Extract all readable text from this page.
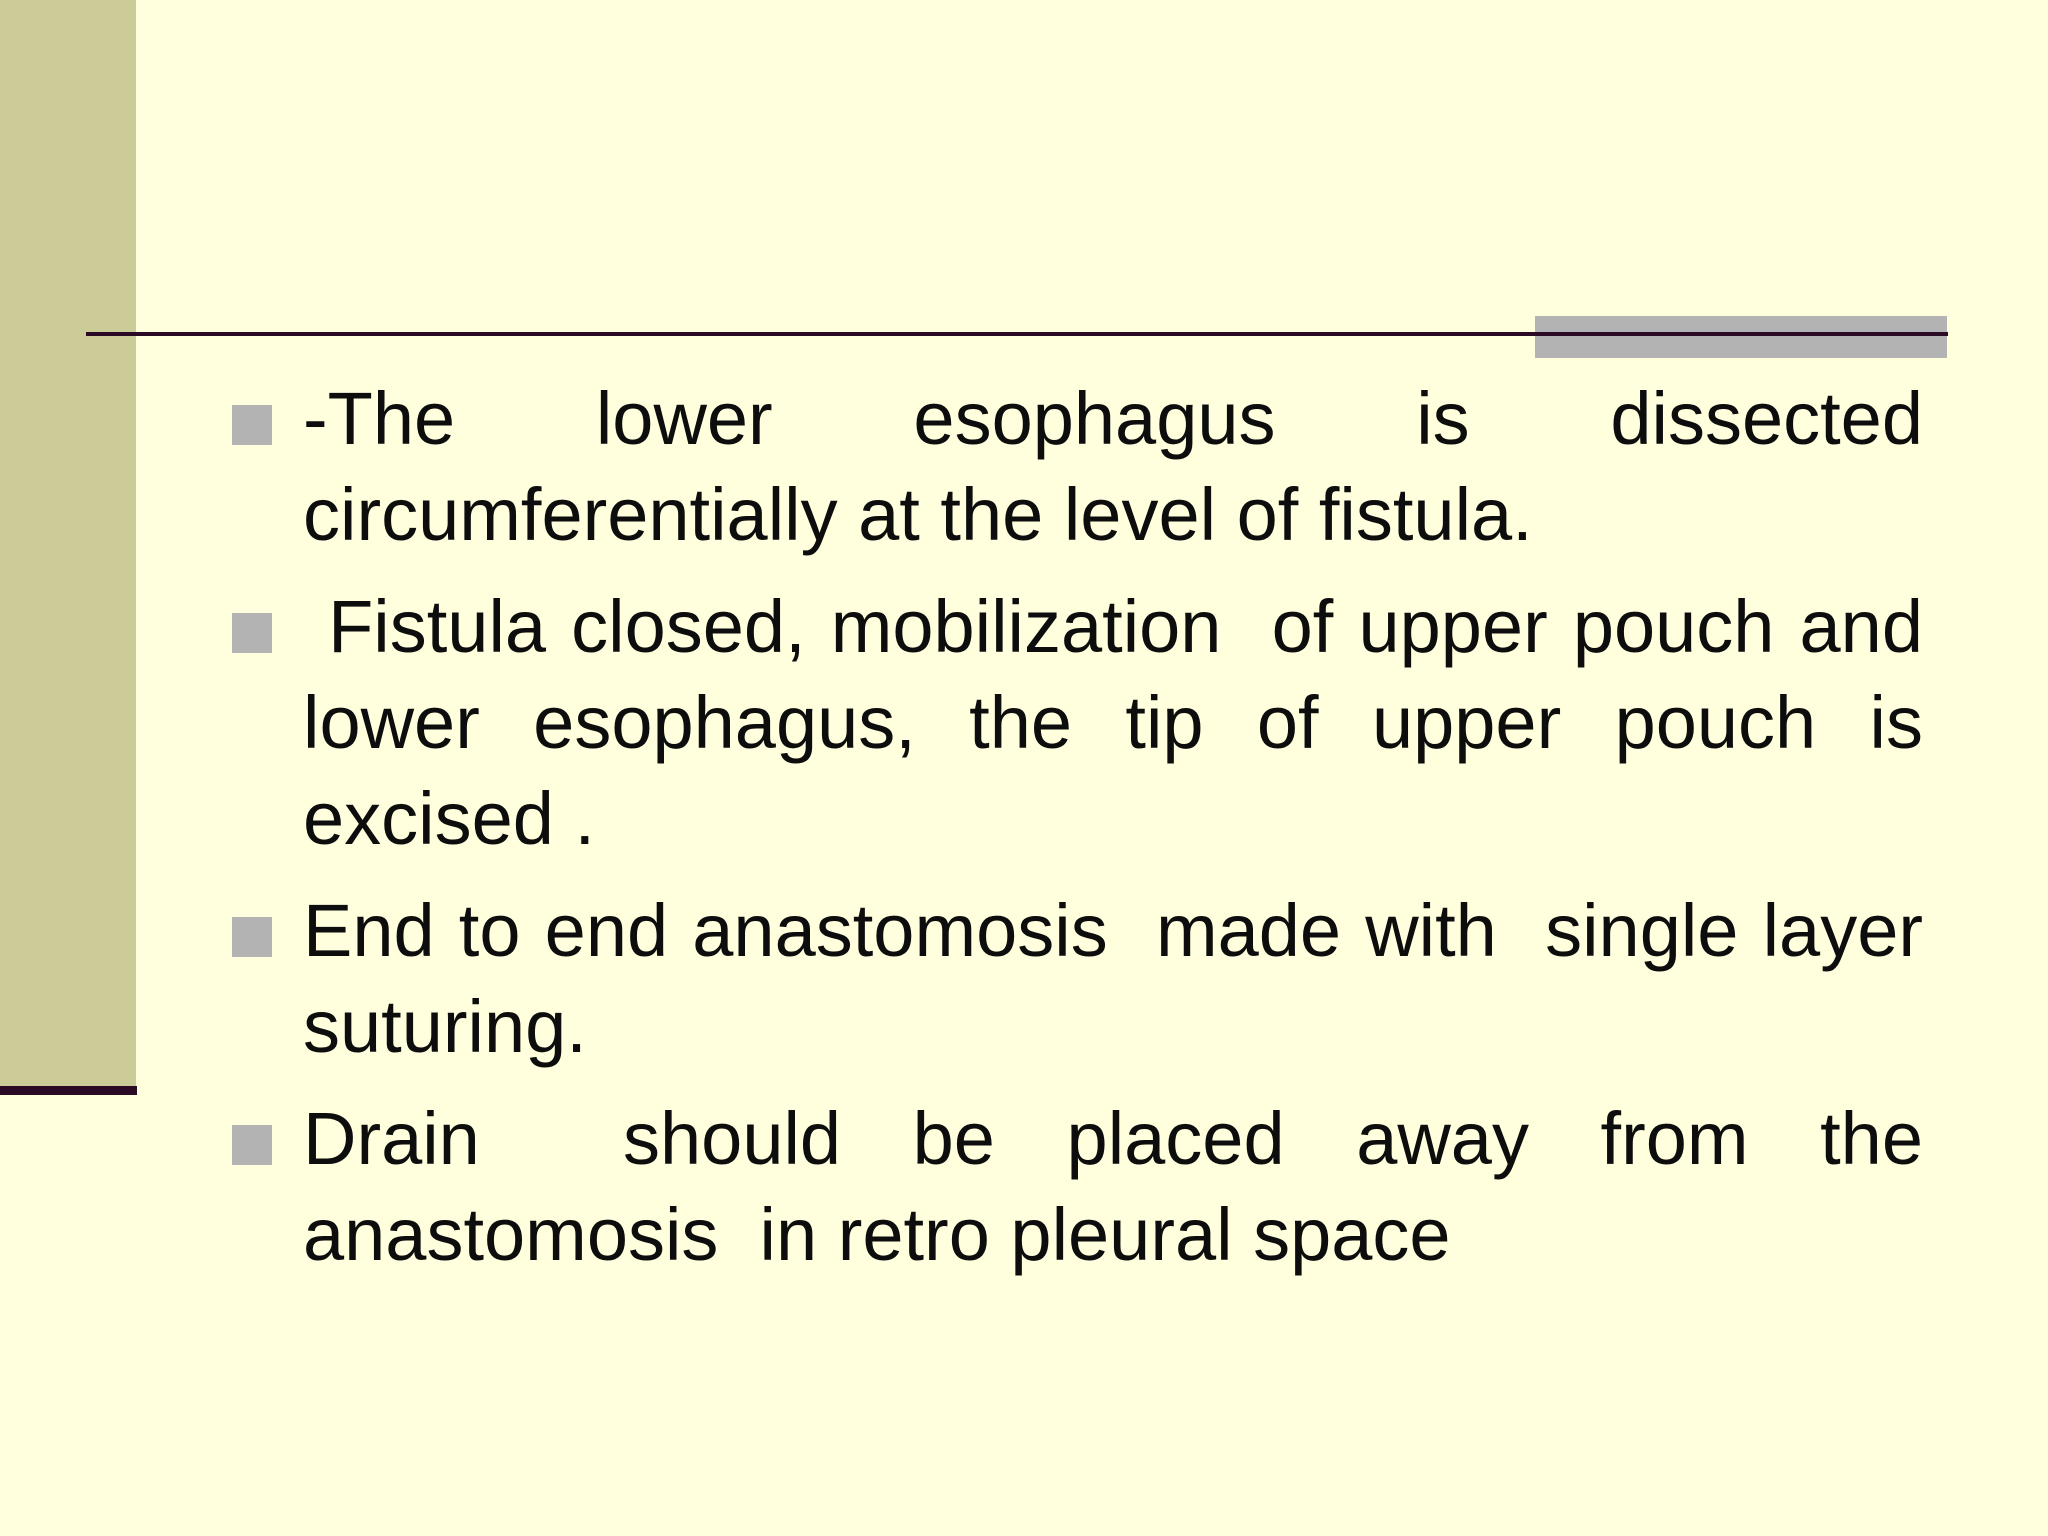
-The lower esophagus is dissected circumferentially at the level of fistula.
Fistula closed, mobilization  of upper pouch and lower esophagus, the tip of upper pouch is excised .
End to end anastomosis  made with  single layer  suturing.
Drain  should be placed away from the anastomosis  in retro pleural space
